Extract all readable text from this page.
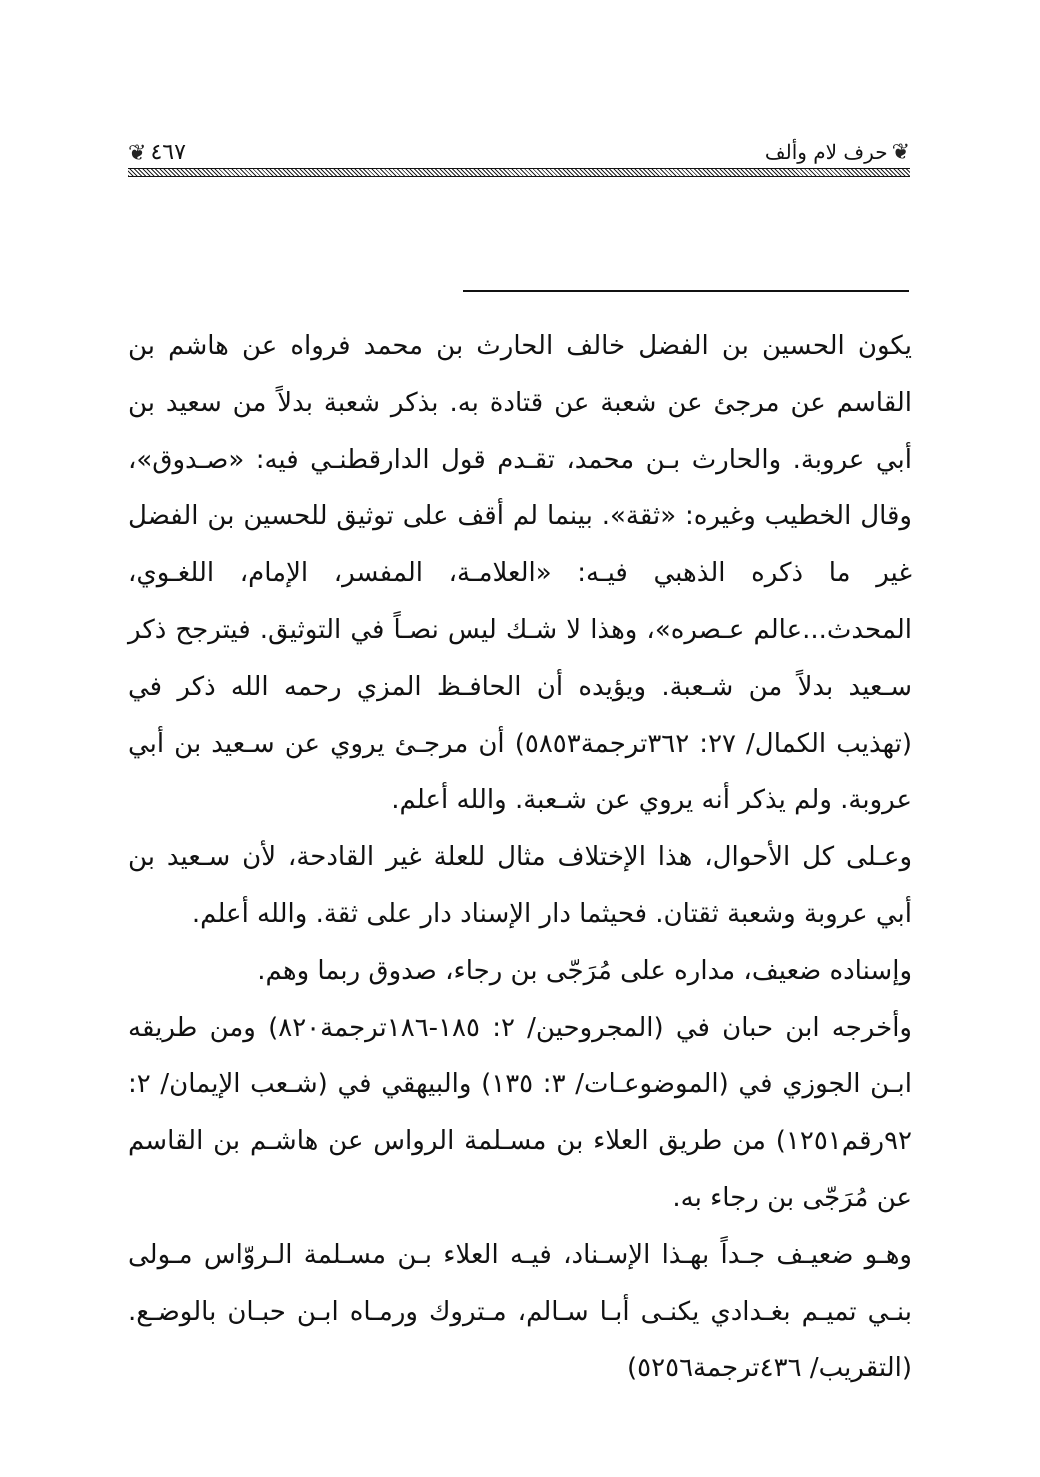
❦ ٤٦٧	❦
حرف لام وألف

يكون الحسين بن الفضل خالف الحارث بن محمد فرواه عن هاشم بن القاسم عن مرجئ عن شعبة عن قتادة به. بذكر شعبة بدلاً من سعيد بن أبي عروبة. والحارث بـن محمد، تقـدم قول الدارقطنـي فيه: «صـدوق»، وقال الخطيب وغيره: «ثقة». بينما لم أقف على توثيق للحسين بن الفضل غير ما ذكره الذهبي فيـه: «العلامـة، المفسر، الإمام، اللغـوي، المحدث...عالم عـصره»، وهذا لا شـك ليس نصـاً في التوثيق. فيترجح ذكر سـعيد بدلاً من شـعبة. ويؤيده أن الحافـظ المزي رحمه الله ذكر في (تهذيب الكمال/ ٢٧: ٣٦٢ترجمة٥٨٥٣) أن مرجـئ يروي عن سـعيد بن أبي عروبة. ولم يذكر أنه يروي عن شـعبة. والله أعلم.

وعـلى كل الأحوال، هذا الإختلاف مثال للعلة غير القادحة، لأن سـعيد بن أبي عروبة وشعبة ثقتان. فحيثما دار الإسناد دار على ثقة. والله أعلم.

وإسناده ضعيف، مداره على مُرَجّى بن رجاء، صدوق ربما وهم.

وأخرجه ابن حبان في (المجروحين/ ٢: ١٨٥-١٨٦ترجمة٨٢٠) ومن طريقه ابـن الجوزي في (الموضوعـات/ ٣: ١٣٥) والبيهقي في (شـعب الإيمان/ ٢: ٩٢رقم١٢٥١) من طريق العلاء بن مسـلمة الرواس عن هاشـم بن القاسم عن مُرَجّى بن رجاء به.

وهـو ضعيـف جـداً بهـذا الإسـناد، فيـه العلاء بـن مسـلمة الـروّاس مـولى بنـي تميـم بغـدادي يكنـى أبـا سـالم، مـتروك ورمـاه ابـن حبـان بالوضـع. (التقريب/ ٤٣٦ترجمة٥٢٥٦)
